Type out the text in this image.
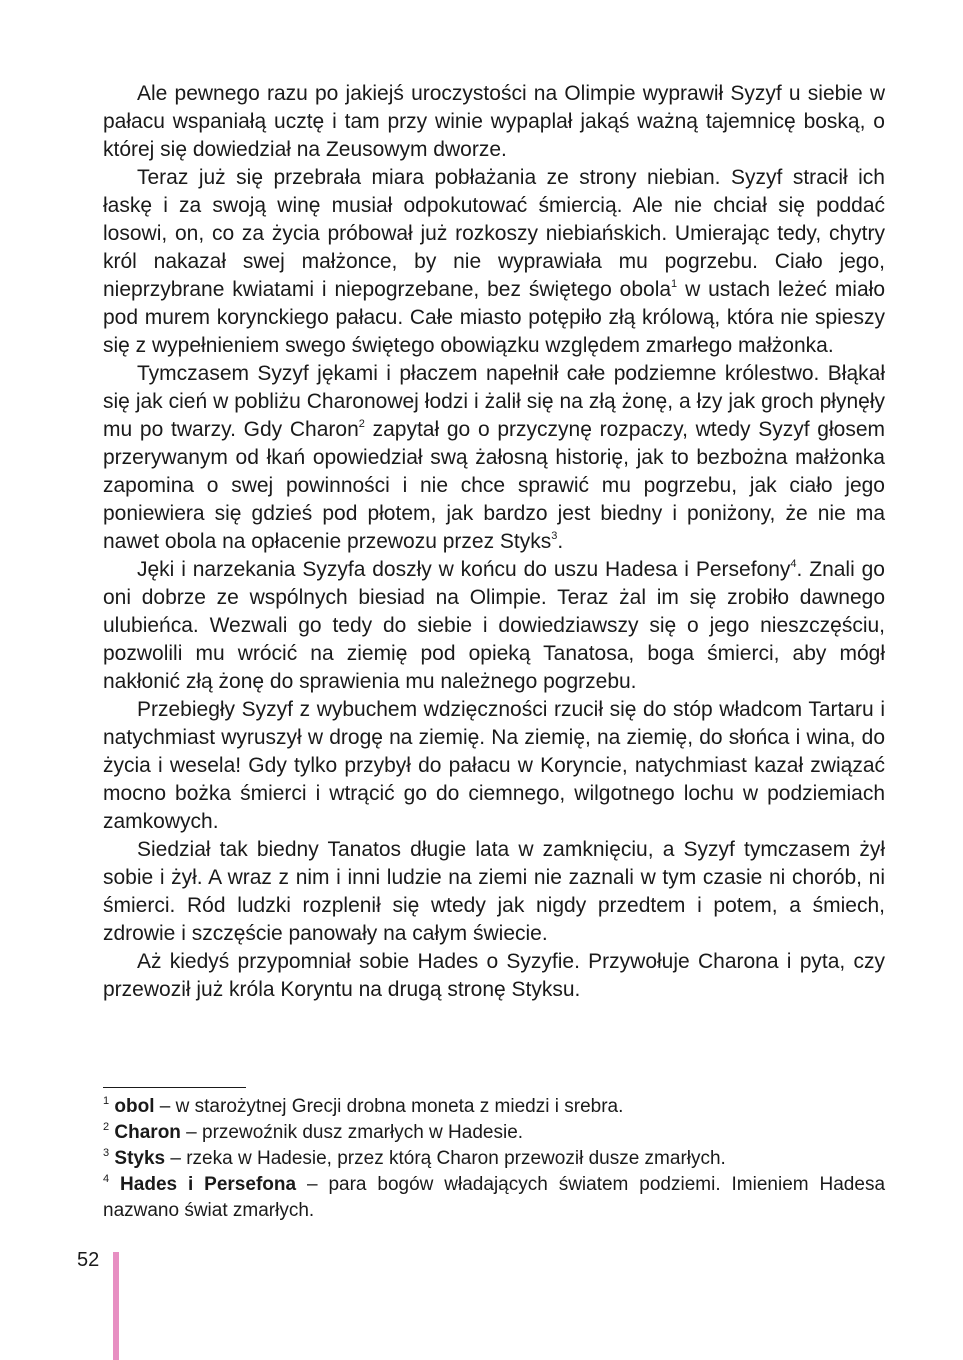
Ale pewnego razu po jakiejś uroczystości na Olimpie wyprawił Syzyf u siebie w pałacu wspaniałą ucztę i tam przy winie wypaplał jakąś ważną tajemnicę boską, o której się dowiedział na Zeusowym dworze.

Teraz już się przebrała miara pobłażania ze strony niebian. Syzyf stracił ich łaskę i za swoją winę musiał odpokutować śmiercią. Ale nie chciał się poddać losowi, on, co za życia próbował już rozkoszy niebiańskich. Umierając tedy, chytry król nakazał swej małżonce, by nie wyprawiała mu pogrzebu. Ciało jego, nieprzybrane kwiatami i niepogrzebane, bez świętego obola$^1$ w ustach leżeć miało pod murem korynckiego pałacu. Całe miasto potępiło złą królową, która nie spieszy się z wypełnieniem swego świętego obowiązku względem zmarłego małżonka.

Tymczasem Syzyf jękami i płaczem napełnił całe podziemne królestwo. Błąkał się jak cień w pobliżu Charonowej łodzi i żalił się na złą żonę, a łzy jak groch płynęły mu po twarzy. Gdy Charon$^2$ zapytał go o przyczynę rozpaczy, wtedy Syzyf głosem przerywanym od łkań opowiedział swą żałosną historię, jak to bezbożna małżonka zapomina o swej powinności i nie chce sprawić mu pogrzebu, jak ciało jego poniewiera się gdzieś pod płotem, jak bardzo jest biedny i poniżony, że nie ma nawet obola na opłacenie przewozu przez Styks$^3$.

Jęki i narzekania Syzyfa doszły w końcu do uszu Hadesa i Persefony$^4$. Znali go oni dobrze ze wspólnych biesiad na Olimpie. Teraz żal im się zrobiło dawnego ulubieńca. Wezwali go tedy do siebie i dowiedziawszy się o jego nieszczęściu, pozwolili mu wrócić na ziemię pod opieką Tanatosa, boga śmierci, aby mógł nakłonić złą żonę do sprawienia mu należnego pogrzebu.

Przebiegły Syzyf z wybuchem wdzięczności rzucił się do stóp władcom Tartaru i natychmiast wyruszył w drogę na ziemię. Na ziemię, na ziemię, do słońca i wina, do życia i wesela! Gdy tylko przybył do pałacu w Koryncie, natychmiast kazał związać mocno bożka śmierci i wtrącić go do ciemnego, wilgotnego lochu w podziemiach zamkowych.

Siedział tak biedny Tanatos długie lata w zamknięciu, a Syzyf tymczasem żył sobie i żył. A wraz z nim i inni ludzie na ziemi nie zaznali w tym czasie ni chorób, ni śmierci. Ród ludzki rozplenił się wtedy jak nigdy przedtem i potem, a śmiech, zdrowie i szczęście panowały na całym świecie.

Aż kiedyś przypomniał sobie Hades o Syzyfie. Przywołuje Charona i pyta, czy przewoził już króla Koryntu na drugą stronę Styksu.

$^1$ obol – w starożytnej Grecji drobna moneta z miedzi i srebra.

$^2$ Charon – przewoźnik dusz zmarłych w Hadesie.

$^3$ Styks – rzeka w Hadesie, przez którą Charon przewoził dusze zmarłych.

$^4$ Hades i Persefona – para bogów władających światem podziemi. Imieniem Hadesa nazwano świat zmarłych.

52
